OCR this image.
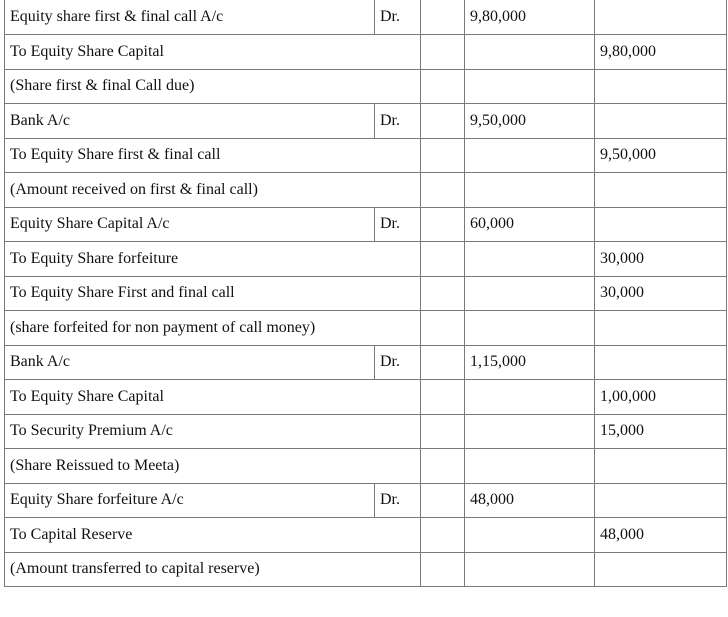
Equity share first & final call A/c	Dr.		9,80,000	
To Equity Share Capital				9,80,000
(Share first & final Call due)				
Bank A/c	Dr.		9,50,000	
To Equity Share first & final call				9,50,000
(Amount received on first & final call)				
Equity Share Capital A/c	Dr.		60,000	
To Equity Share forfeiture				30,000
To Equity Share First and final call				30,000
(share forfeited for non payment of call money)				
Bank A/c	Dr.		1,15,000	
To Equity Share Capital				1,00,000
To Security Premium A/c				15,000
(Share Reissued to Meeta)				
Equity Share forfeiture A/c	Dr.		48,000	
To Capital Reserve				48,000
(Amount transferred to capital reserve)				
